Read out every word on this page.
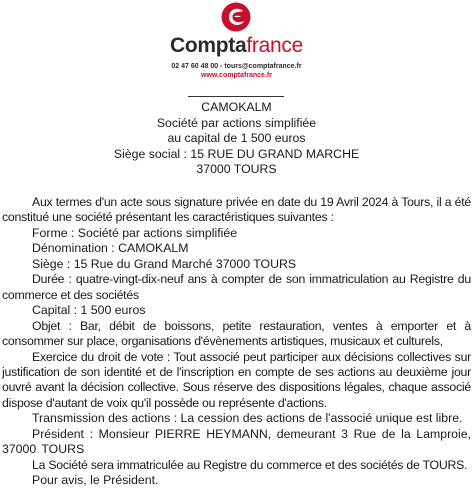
Comptafrance
02 47 60 48 00 - tours@comptafrance.fr
www.comptafrance.fr
CAMOKALM
Société par actions simplifiée
au capital de 1 500 euros
Siège social : 15 RUE DU GRAND MARCHE
37000 TOURS

Aux termes d'un acte sous signature privée en date du 19 Avril 2024 à Tours, il a été constitué une société présentant les caractéristiques suivantes :

Forme : Société par actions simplifiée

Dénomination : CAMOKALM

Siège : 15 Rue du Grand Marché 37000 TOURS

Durée : quatre-vingt-dix-neuf ans à compter de son immatriculation au Registre du commerce et des sociétés

Capital : 1 500 euros

Objet : Bar, débit de boissons, petite restauration, ventes à emporter et à consommer sur place, organisations d'évènements artistiques, musicaux et culturels,

Exercice du droit de vote : Tout associé peut participer aux décisions collectives sur justification de son identité et de l'inscription en compte de ses actions au deuxième jour ouvré avant la décision collective. Sous réserve des dispositions légales, chaque associé dispose d'autant de voix qu'il possède ou représente d'actions.

Transmission des actions : La cession des actions de l'associé unique est libre.

Président : Monsieur PIERRE HEYMANN, demeurant 3 Rue de la Lamproie, 37000 TOURS

La Société sera immatriculée au Registre du commerce et des sociétés de TOURS.

Pour avis, le Président.
